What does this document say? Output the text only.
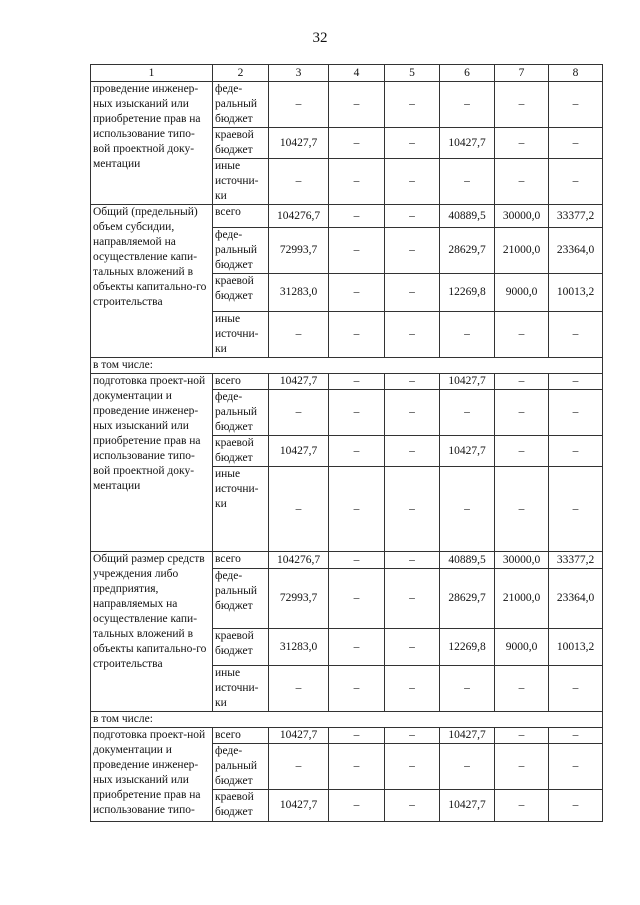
32
1	2	3	4	5	6	7	8
проведение инженер-ных изысканий или приобретение прав на использование типо-вой проектной доку-ментации	феде-ральный бюджет	–	–	–	–	–	–
	краевой бюджет	10427,7	–	–	10427,7	–	–
	иные источни-ки	–	–	–	–	–	–
Общий (предельный) объем субсидии, направляемой на осуществление капи-тальных вложений в объекты капитально-го строительства	всего	104276,7	–	–	40889,5	30000,0	33377,2
	феде-ральный бюджет	72993,7	–	–	28629,7	21000,0	23364,0
	краевой бюджет	31283,0	–	–	12269,8	9000,0	10013,2
	иные источни-ки	–	–	–	–	–	–
в том числе:							
подготовка проект-ной документации и проведение инженер-ных изысканий или приобретение прав на использование типо-вой проектной доку-ментации	всего	10427,7	–	–	10427,7	–	–
	феде-ральный бюджет	–	–	–	–	–	–
	краевой бюджет	10427,7	–	–	10427,7	–	–
	иные источни-ки	–	–	–	–	–	–
Общий размер средств учреждения либо предприятия, направляемых на осуществление капи-тальных вложений в объекты капитально-го строительства	всего	104276,7	–	–	40889,5	30000,0	33377,2
	феде-ральный бюджет	72993,7	–	–	28629,7	21000,0	23364,0
	краевой бюджет	31283,0	–	–	12269,8	9000,0	10013,2
	иные источни-ки	–	–	–	–	–	–
в том числе:							
подготовка проект-ной документации и проведение инженер-ных изысканий или приобретение прав на использование типо-	всего	10427,7	–	–	10427,7	–	–
	феде-ральный бюджет	–	–	–	–	–	–
	краевой бюджет	10427,7	–	–	10427,7	–	–
